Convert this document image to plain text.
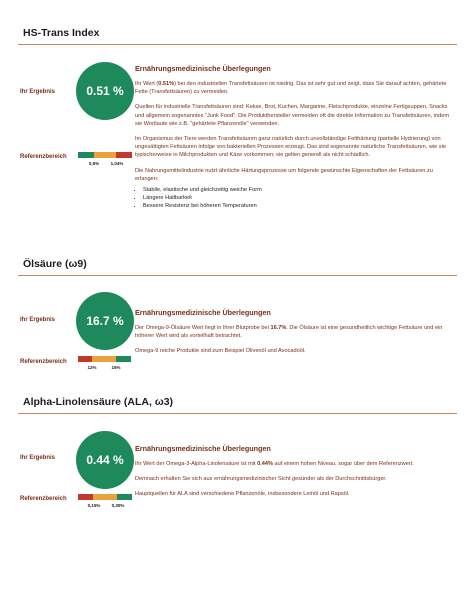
HS-Trans Index
Ihr Ergebnis	0.51 %
Referenzbereich
0,5%	1,04%
Ernährungsmedizinische Überlegungen
Ihr Wert (0.51%) bei den industriellen Transfettsäuren ist niedrig. Das ist sehr gut und zeigt, dass Sie darauf achten, gehärtete Fette (Transfettsäuren) zu vermeiden.
Quellen für industrielle Transfettsäuren sind: Kekse, Brot, Kuchen, Margarine, Fleischprodukte, einzelne Fertigsuppen, Snacks und allgemein sogenanntes "Junk Food". Die Produkthersteller vermeiden oft die direkte Information zu Transfettsäuren, indem sie Wortlaute wie z.B. "gehärtete Pflanzenöle" verwenden.
Im Organismus der Tiere werden Transfettsäuren ganz natürlich durch unvollständige Fetthärtung (partielle Hydrierung) von ungesättigten Fettsäuren infolge von bakteriellen Prozessen erzeugt. Das sind sogenannte natürliche Transfettsäuren, wie sie typischerweise in Milchprodukten und Käse vorkommen; sie gelten generell als nicht schädlich.
Die Nahrungsmittelindustrie nutzt ähnliche Härtungsprozesse um folgende gewünschte Eigenschaften der Fettsäuren zu erlangen:
• Stabile, elastische und gleichzeitig weiche Form
• Längere Haltbarkeit
• Bessere Resistenz bei höheren Temperaturen
Ölsäure (ω9)
Ihr Ergebnis	16.7 %
Referenzbereich
12%	16%
Ernährungsmedizinische Überlegungen
Der Omega-9-Ölsäure Wert liegt in Ihrer Blutprobe bei 16.7%. Die Ölsäure ist eine gesundheitlich wichtige Fettsäure und ein höherer Wert wird als vorteilhaft betrachtet.
Omega-9 reiche Produkte sind zum Beispiel Olivenöl und Avocadoöl.
Alpha-Linolensäure (ALA, ω3)
Ihr Ergebnis	0.44 %
Referenzbereich
0,15% 0,30%
Ernährungsmedizinische Überlegungen
Ihr Wert der Omega-3-Alpha-Linolensäure ist mit 0.44% auf einem hohen Niveau, sogar über dem Referenzwert.
Demnach erhalten Sie sich aus ernährungsmedizinischer Sicht gesünder als der Durchschnittsbürger.
Hauptquellen für ALA sind verschiedene Pflanzenöle, insbesondere Leinöl und Rapsöl.
